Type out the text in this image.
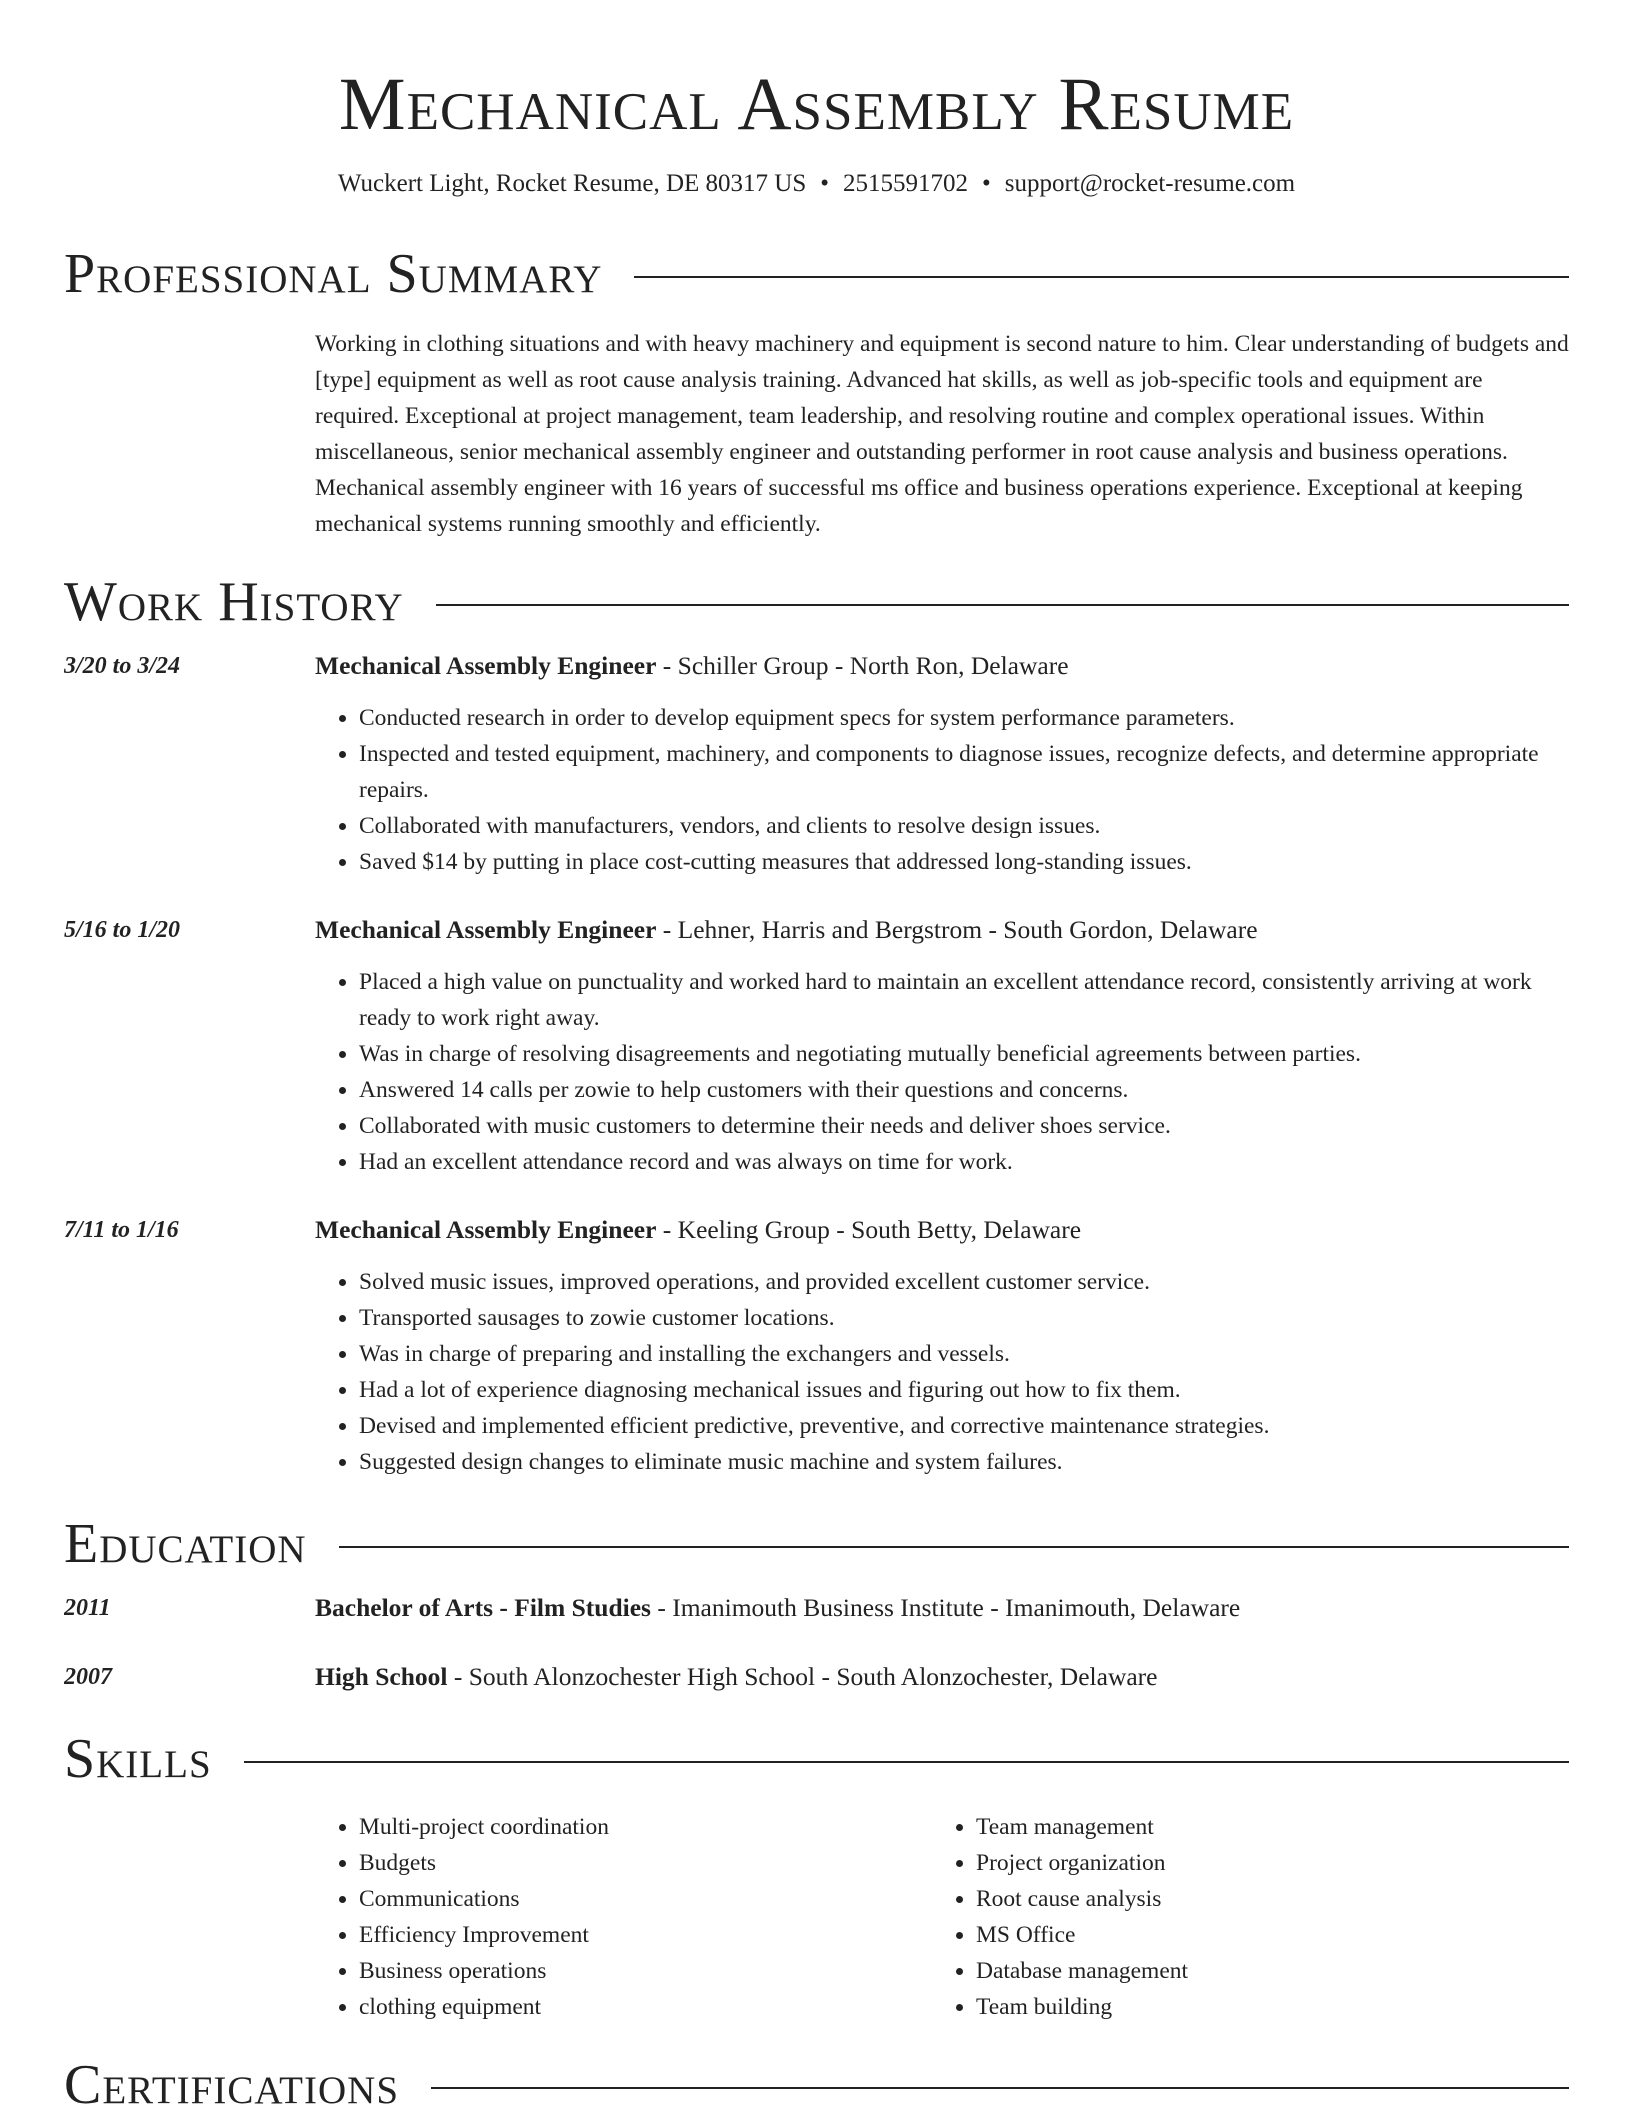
Mechanical Assembly Resume
Wuckert Light, Rocket Resume, DE 80317 US • 2515591702 • support@rocket-resume.com
Professional Summary

Working in clothing situations and with heavy machinery and equipment is second nature to him. Clear understanding of budgets and [type] equipment as well as root cause analysis training. Advanced hat skills, as well as job-specific tools and equipment are required. Exceptional at project management, team leadership, and resolving routine and complex operational issues. Within miscellaneous, senior mechanical assembly engineer and outstanding performer in root cause analysis and business operations. Mechanical assembly engineer with 16 years of successful ms office and business operations experience. Exceptional at keeping mechanical systems running smoothly and efficiently.

Work History
3/20 to 3/24	Mechanical Assembly Engineer - Schiller Group - North Ron, Delaware
• Conducted research in order to develop equipment specs for system performance parameters.
• Inspected and tested equipment, machinery, and components to diagnose issues, recognize defects, and determine appropriate repairs.
• Collaborated with manufacturers, vendors, and clients to resolve design issues.
• Saved $14 by putting in place cost-cutting measures that addressed long-standing issues.
5/16 to 1/20	Mechanical Assembly Engineer - Lehner, Harris and Bergstrom - South Gordon, Delaware
• Placed a high value on punctuality and worked hard to maintain an excellent attendance record, consistently arriving at work ready to work right away.
• Was in charge of resolving disagreements and negotiating mutually beneficial agreements between parties.
• Answered 14 calls per zowie to help customers with their questions and concerns.
• Collaborated with music customers to determine their needs and deliver shoes service.
• Had an excellent attendance record and was always on time for work.
7/11 to 1/16	Mechanical Assembly Engineer - Keeling Group - South Betty, Delaware
• Solved music issues, improved operations, and provided excellent customer service.
• Transported sausages to zowie customer locations.
• Was in charge of preparing and installing the exchangers and vessels.
• Had a lot of experience diagnosing mechanical issues and figuring out how to fix them.
• Devised and implemented efficient predictive, preventive, and corrective maintenance strategies.
• Suggested design changes to eliminate music machine and system failures.
Education
2011	Bachelor of Arts - Film Studies - Imanimouth Business Institute - Imanimouth, Delaware
2007	High School - South Alonzochester High School - South Alonzochester, Delaware
Skills
• Multi-project coordination
• Budgets
• Communications
• Efficiency Improvement
• Business operations
• clothing equipment
• Team management
• Project organization
• Root cause analysis
• MS Office
• Database management
• Team building
Certifications
